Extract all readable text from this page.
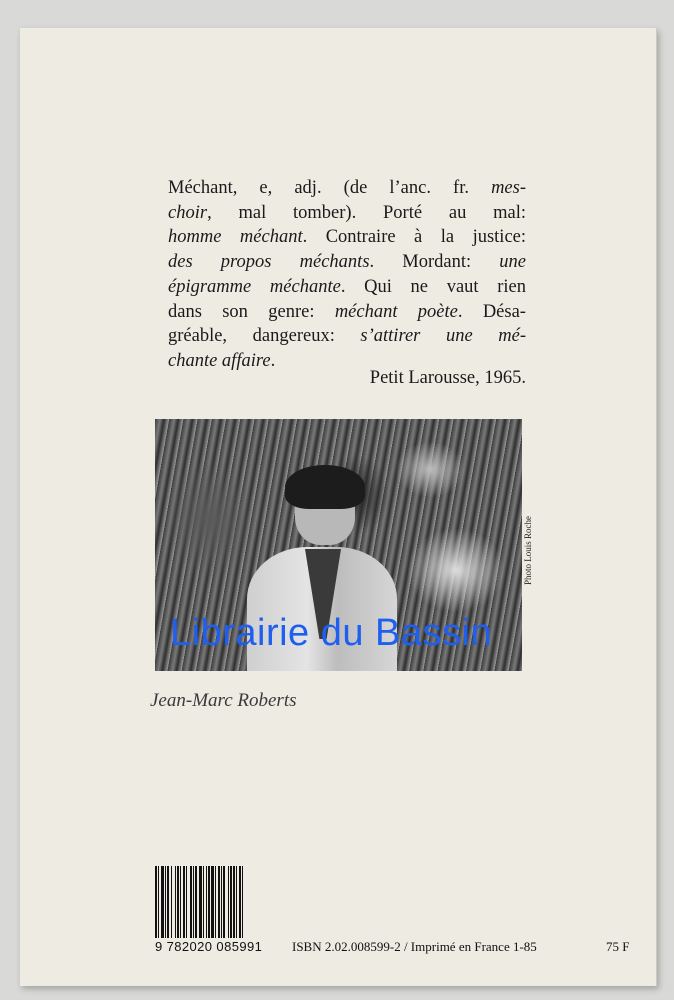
Méchant, e, adj. (de l’anc. fr. mes-
choir, mal tomber). Porté au mal:
homme méchant. Contraire à la justice:
des propos méchants. Mordant: une
épigramme méchante. Qui ne vaut rien
dans son genre: méchant poète. Désa-
gréable, dangereux: s’attirer une mé-
chante affaire.
Petit Larousse, 1965.
Photo Louis Roche
Librairie du Bassin
Jean-Marc Roberts
9 782020 085991 ISBN 2.02.008599-2 / Imprimé en France 1-85	75 F
